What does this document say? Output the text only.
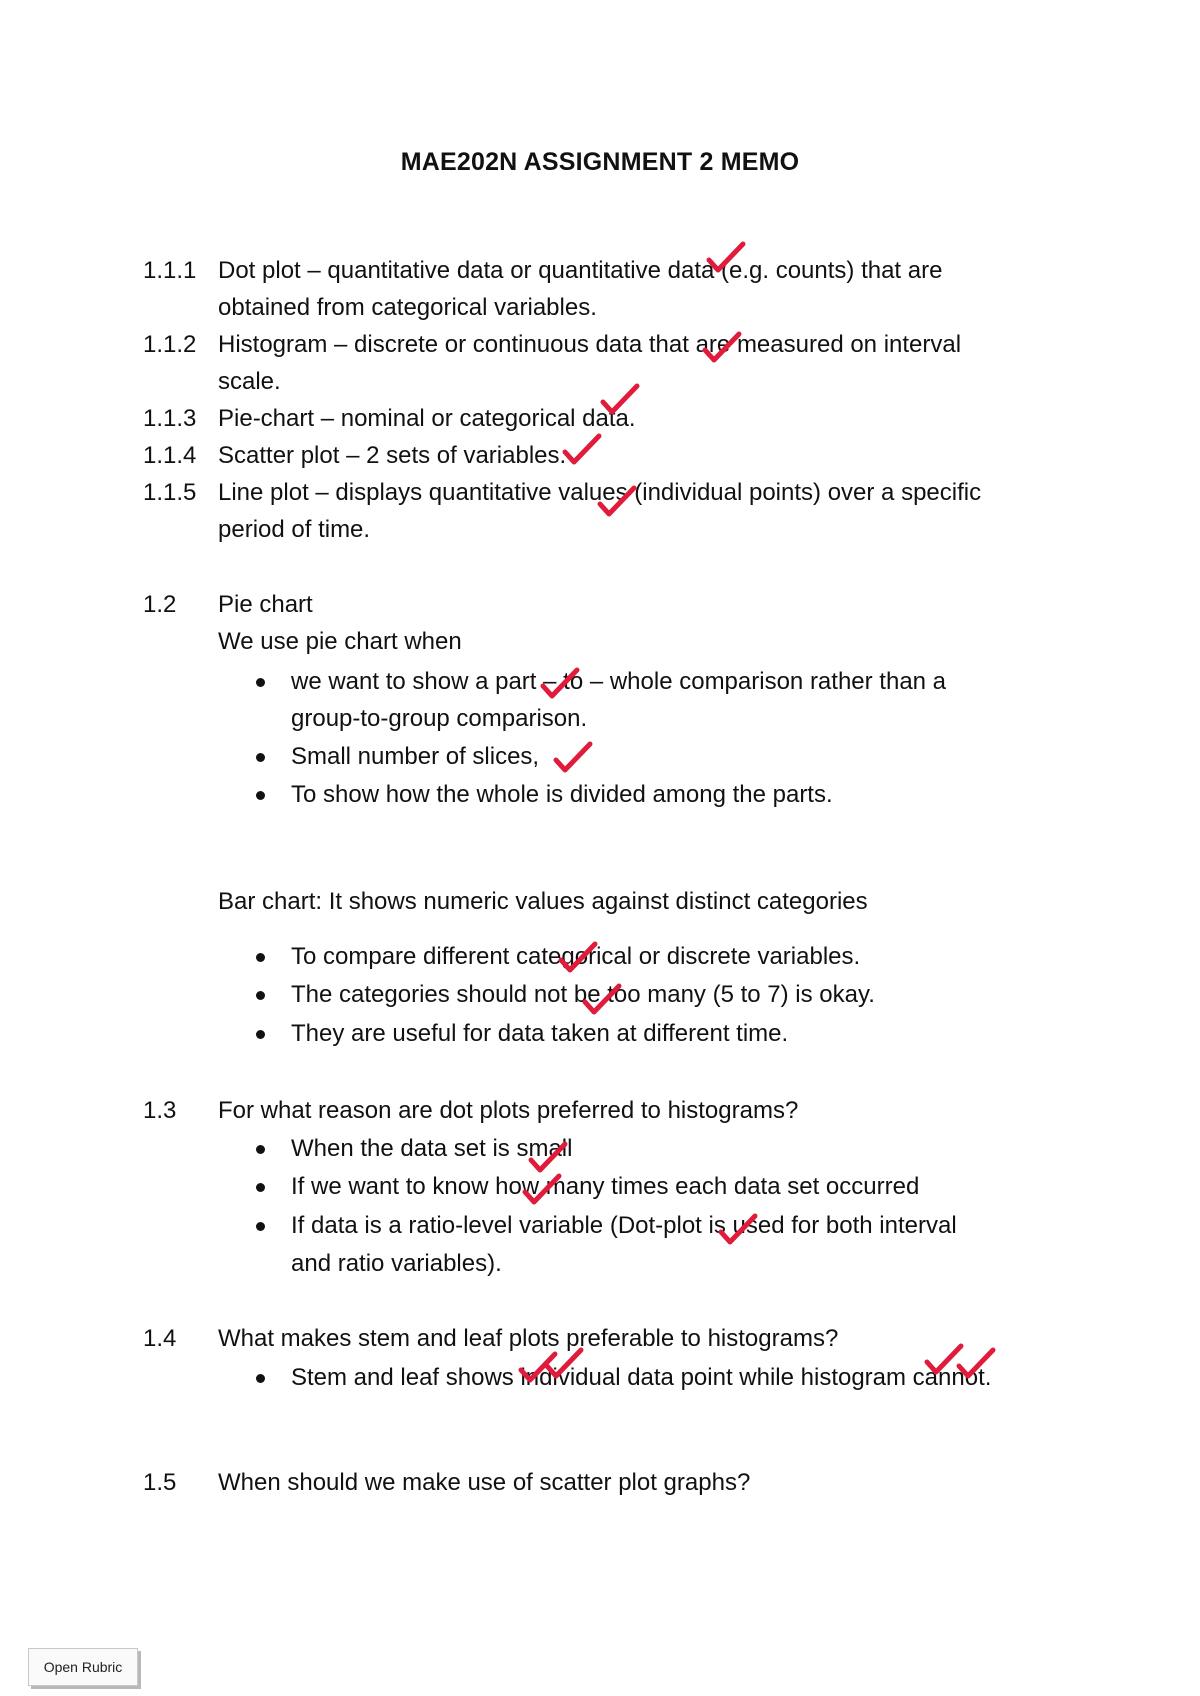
MAE202N ASSIGNMENT 2 MEMO
1.1.1 Dot plot – quantitative data or quantitative data (e.g. counts) that are
obtained from categorical variables.
1.1.2 Histogram – discrete or continuous data that are measured on interval
scale.
1.1.3 Pie-chart – nominal or categorical data.
1.1.4 Scatter plot – 2 sets of variables.
1.1.5 Line plot – displays quantitative values (individual points) over a specific
period of time.
1.2 Pie chart
We use pie chart when
we want to show a part – to – whole comparison rather than a
group-to-group comparison.
Small number of slices,
To show how the whole is divided among the parts.
Bar chart: It shows numeric values against distinct categories
To compare different categorical or discrete variables.
The categories should not be too many (5 to 7) is okay.
They are useful for data taken at different time.
1.3 For what reason are dot plots preferred to histograms?
When the data set is small
If we want to know how many times each data set occurred
If data is a ratio-level variable (Dot-plot is used for both interval
and ratio variables).
1.4 What makes stem and leaf plots preferable to histograms?
Stem and leaf shows individual data point while histogram cannot.
1.5 When should we make use of scatter plot graphs?
Open Rubric
